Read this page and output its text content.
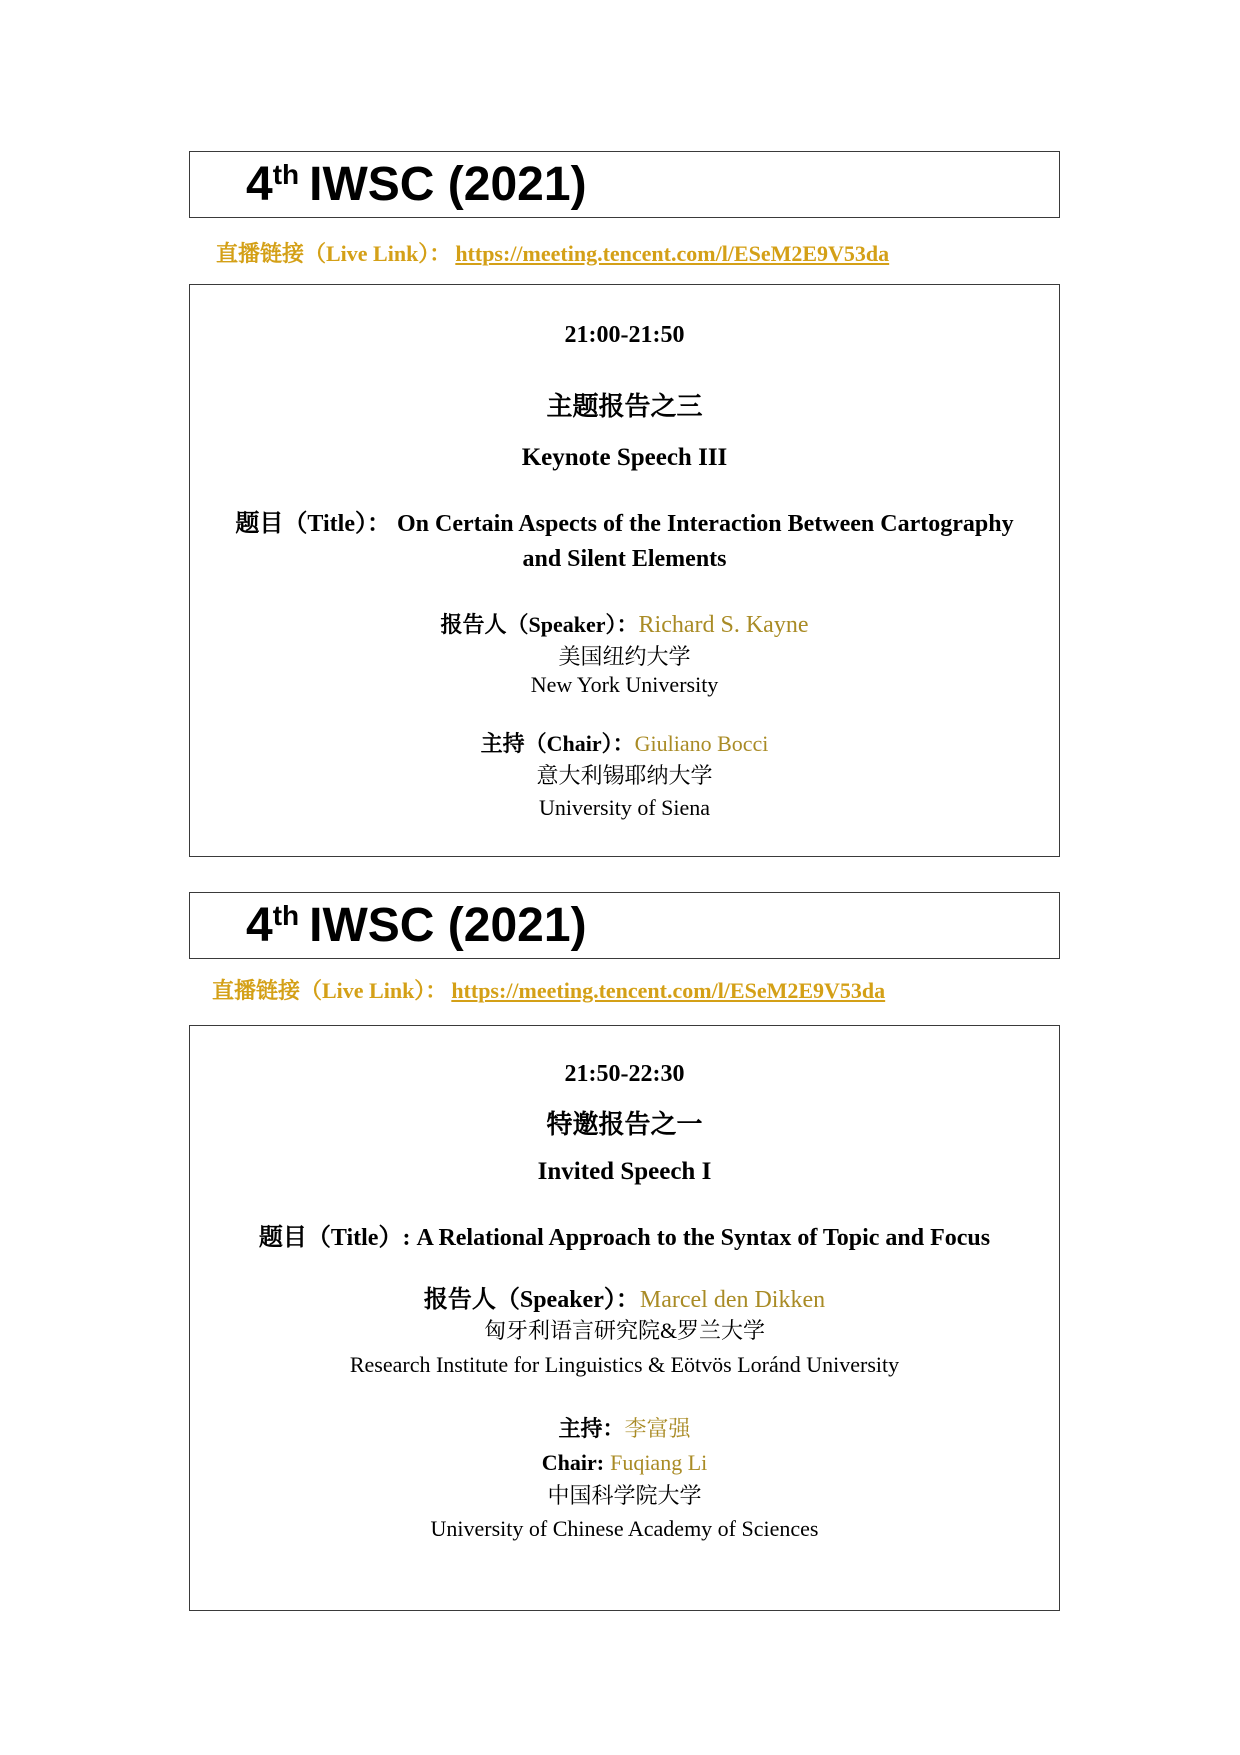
4th IWSC (2021)
直播链接（Live Link）： https://meeting.tencent.com/l/ESeM2E9V53da
21:00-21:50
主题报告之三
Keynote Speech III
题目（Title）： On Certain Aspects of the Interaction Between Cartography
and Silent Elements
报告人（Speaker）：Richard S. Kayne
美国纽约大学
New York University
主持（Chair）：Giuliano Bocci
意大利锡耶纳大学
University of Siena
4th IWSC (2021)
直播链接（Live Link）： https://meeting.tencent.com/l/ESeM2E9V53da
21:50-22:30
特邀报告之一
Invited Speech I
题目（Title）: A Relational Approach to the Syntax of Topic and Focus
报告人（Speaker）：Marcel den Dikken
匈牙利语言研究院&罗兰大学
Research Institute for Linguistics & Eötvös Loránd University
主持：李富强
Chair: Fuqiang Li
中国科学院大学
University of Chinese Academy of Sciences
